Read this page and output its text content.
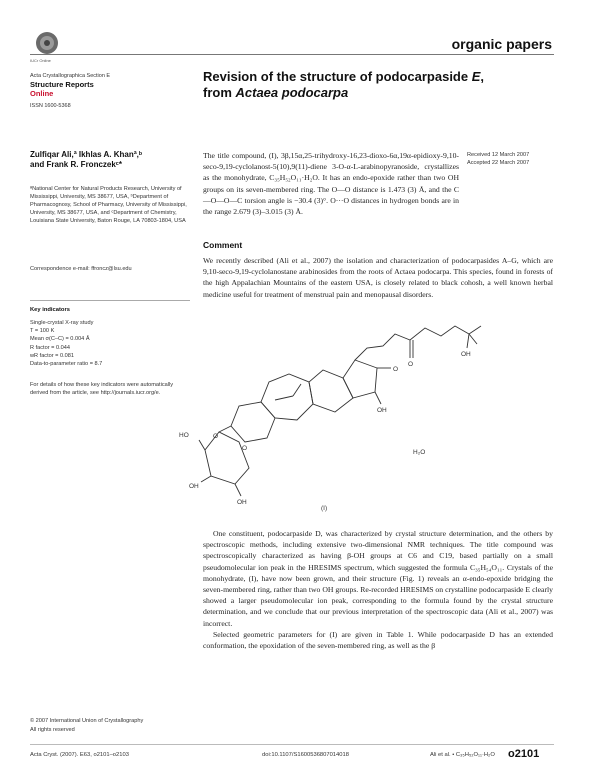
IUCr Online
organic papers
Acta Crystallographica Section E
Structure Reports
Online
ISSN 1600-5368
Revision of the structure of podocarpaside E,
from Actaea podocarpa
Zulfiqar Ali,ª Ikhlas A. Khanª,ᵇ
and Frank R. Fronczekᶜ*
ªNational Center for Natural Products Research, University of Mississippi, University, MS 38677, USA, ᵇDepartment of Pharmacognosy, School of Pharmacy, University of Mississippi, University, MS 38677, USA, and ᶜDepartment of Chemistry, Louisiana State University, Baton Rouge, LA 70803-1804, USA
Correspondence e-mail: ffroncz@lsu.edu
Key indicators
Single-crystal X-ray study
T = 100 K
Mean σ(C–C) = 0.004 Å
R factor = 0.044
wR factor = 0.081
Data-to-parameter ratio = 8.7
For details of how these key indicators were automatically derived from the article, see http://journals.iucr.org/e.
© 2007 International Union of Crystallography
All rights reserved
Received 12 March 2007
Accepted 22 March 2007
The title compound, (I), 3β,15α,25-trihydroxy-16,23-dioxo-6α,19α-epidioxy-9,10-seco-9,19-cyclolanost-5(10),9(11)-diene 3-O-α-L-arabinopyranoside, crystallizes as the monohydrate, C₃₅H₅₂O₁₁·H₂O. It has an endo-epoxide rather than two OH groups on its seven-membered ring. The O—O distance is 1.473 (3) Å, and the C—O—O—C torsion angle is −30.4 (3)°. O···O distances in hydrogen bonds are in the range 2.679 (3)–3.015 (3) Å.
Comment
We recently described (Ali et al., 2007) the isolation and characterization of podocarpasides A–G, which are 9,10-seco-9,19-cyclolanostane arabinosides from the roots of Actaea podocarpa. This species, found in forests of the high Appalachian Mountains of the eastern USA, is closely related to black cohosh, a well known herbal medicine useful for treatment of menstrual pain and menopausal disorders.
HO
OH
O
O
OH
OH
OH
H₂O
O
O
(I)
One constituent, podocarpaside D, was characterized by crystal structure determination, and the others by spectroscopic methods, including extensive two-dimensional NMR techniques. The title compound was spectroscopically characterized as having β-OH groups at C6 and C19, based partially on a small pseudomolecular ion peak in the HRESIMS spectrum, which suggested the formula C₃₅H₅₄O₁₁. Crystals of the monohydrate, (I), have now been grown, and their structure (Fig. 1) reveals an α-endo-epoxide bridging the seven-membered ring, rather than two OH groups. Re-recorded HRESIMS on crystalline podocarpaside E clearly showed a larger pseudomolecular ion peak, corresponding to the formula found by the crystal structure determination, and we conclude that our previous interpretation of the spectroscopic data (Ali et al., 2007) was incorrect.
Selected geometric parameters for (I) are given in Table 1. While podocarpaside D has an extended conformation, the epoxidation of the seven-membered ring, as well as the β
Acta Cryst. (2007). E63, o2101–o2103	doi:10.1107/S1600536807014018	Ali et al. • C₃₅H₅₂O₁₁·H₂O o2101
